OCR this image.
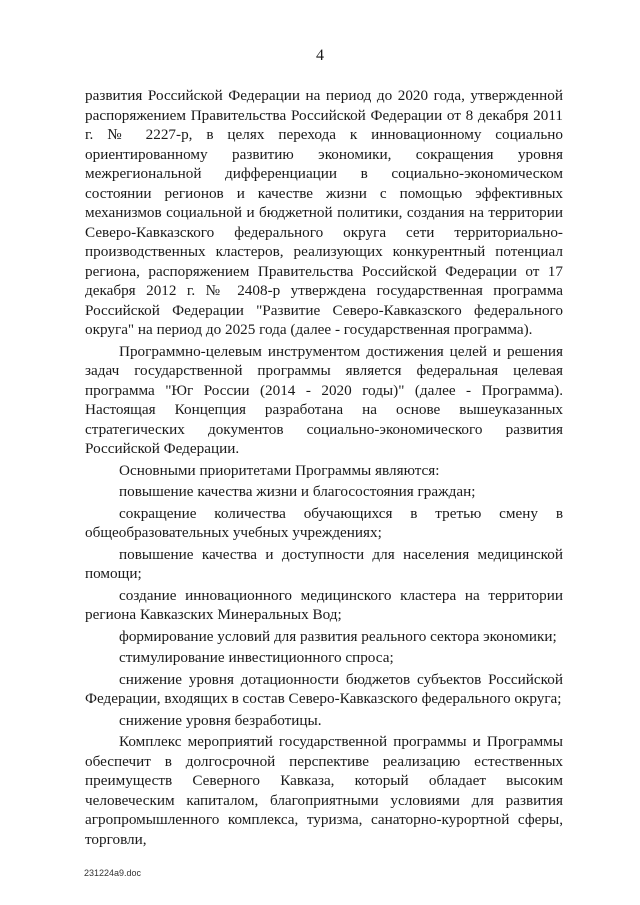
4

развития Российской Федерации на период до 2020 года, утвержденной распоряжением Правительства Российской Федерации от 8 декабря 2011 г. № 2227-р, в целях перехода к инновационному социально ориентированному развитию экономики, сокращения уровня межрегиональной дифференциации в социально-экономическом состоянии регионов и качестве жизни с помощью эффективных механизмов социальной и бюджетной политики, создания на территории Северо-Кавказского федерального округа сети территориально-производственных кластеров, реализующих конкурентный потенциал региона, распоряжением Правительства Российской Федерации от 17 декабря 2012 г. № 2408-р утверждена государственная программа Российской Федерации "Развитие Северо-Кавказского федерального округа" на период до 2025 года (далее - государственная программа).

Программно-целевым инструментом достижения целей и решения задач государственной программы является федеральная целевая программа "Юг России (2014 - 2020 годы)" (далее - Программа). Настоящая Концепция разработана на основе вышеуказанных стратегических документов социально-экономического развития Российской Федерации.

Основными приоритетами Программы являются:

повышение качества жизни и благосостояния граждан;

сокращение количества обучающихся в третью смену в общеобразовательных учебных учреждениях;

повышение качества и доступности для населения медицинской помощи;

создание инновационного медицинского кластера на территории региона Кавказских Минеральных Вод;

формирование условий для развития реального сектора экономики;

стимулирование инвестиционного спроса;

снижение уровня дотационности бюджетов субъектов Российской Федерации, входящих в состав Северо-Кавказского федерального округа;

снижение уровня безработицы.

Комплекс мероприятий государственной программы и Программы обеспечит в долгосрочной перспективе реализацию естественных преимуществ Северного Кавказа, который обладает высоким человеческим капиталом, благоприятными условиями для развития агропромышленного комплекса, туризма, санаторно-курортной сферы, торговли,

231224a9.doc
